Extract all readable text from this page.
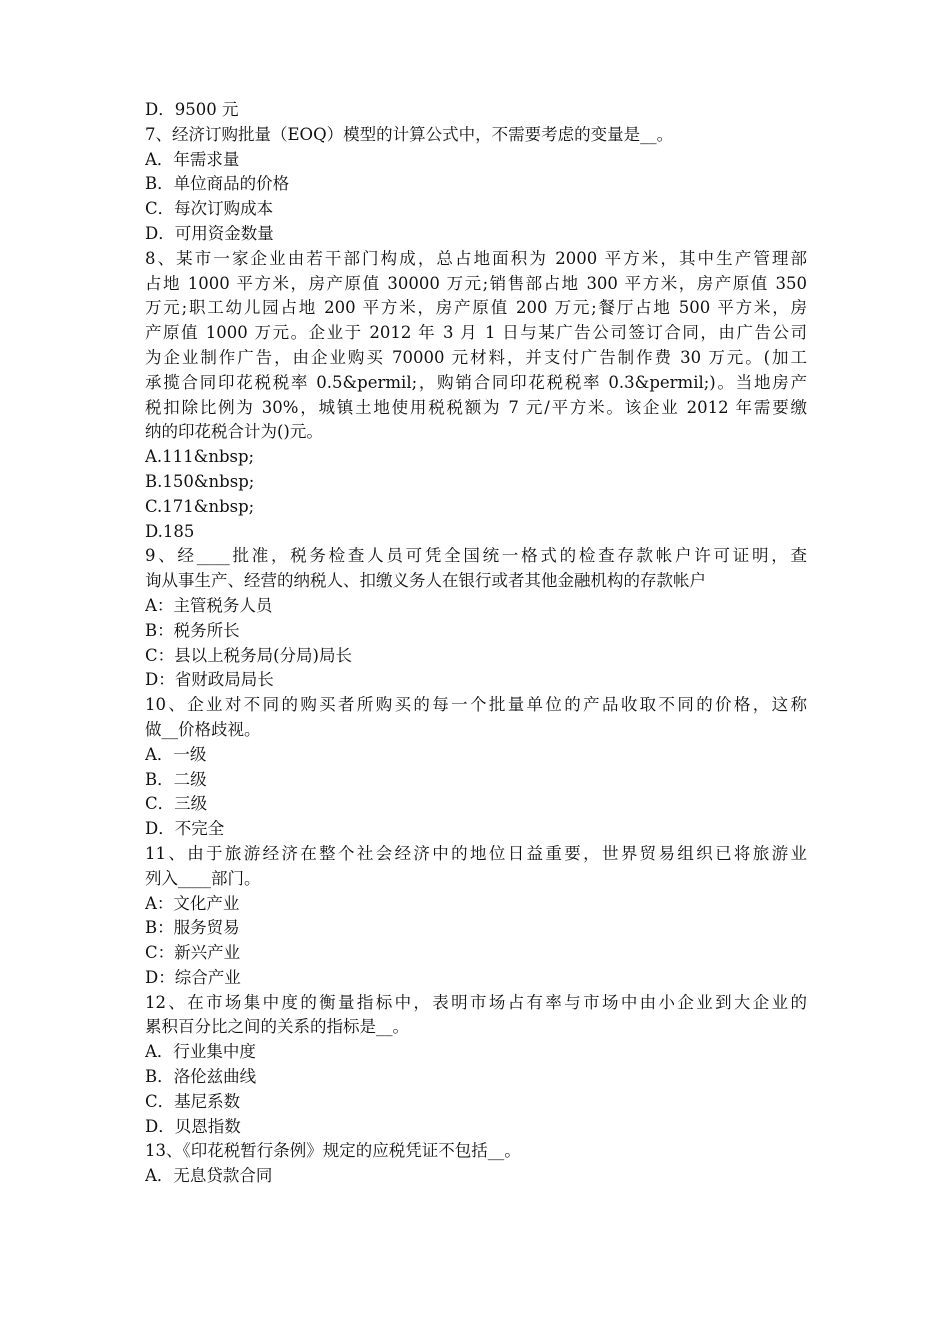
D．9500 元
7、经济订购批量（EOQ）模型的计算公式中，不需要考虑的变量是__。
A．年需求量
B．单位商品的价格
C．每次订购成本
D．可用资金数量
8、某市一家企业由若干部门构成，总占地面积为 2000 平方米，其中生产管理部
占地 1000 平方米，房产原值 30000 万元;销售部占地 300 平方米，房产原值 350
万元;职工幼儿园占地 200 平方米，房产原值 200 万元;餐厅占地 500 平方米，房
产原值 1000 万元。企业于 2012 年 3 月 1 日与某广告公司签订合同，由广告公司
为企业制作广告，由企业购买 70000 元材料，并支付广告制作费 30 万元。(加工
承揽合同印花税税率 0.5&permil;，购销合同印花税税率 0.3&permil;)。当地房产
税扣除比例为 30%，城镇土地使用税税额为 7 元/平方米。该企业 2012 年需要缴
纳的印花税合计为()元。
A.111&nbsp;
B.150&nbsp;
C.171&nbsp;
D.185
9、经____批准，税务检查人员可凭全国统一格式的检查存款帐户许可证明，查
询从事生产、经营的纳税人、扣缴义务人在银行或者其他金融机构的存款帐户
A：主管税务人员
B：税务所长
C：县以上税务局(分局)局长
D：省财政局局长
10、企业对不同的购买者所购买的每一个批量单位的产品收取不同的价格，这称
做__价格歧视。
A．一级
B．二级
C．三级
D．不完全
11、由于旅游经济在整个社会经济中的地位日益重要，世界贸易组织已将旅游业
列入____部门。
A：文化产业
B：服务贸易
C：新兴产业
D：综合产业
12、在市场集中度的衡量指标中，表明市场占有率与市场中由小企业到大企业的
累积百分比之间的关系的指标是__。
A．行业集中度
B．洛伦兹曲线
C．基尼系数
D．贝恩指数
13、《印花税暂行条例》规定的应税凭证不包括__。
A．无息贷款合同
